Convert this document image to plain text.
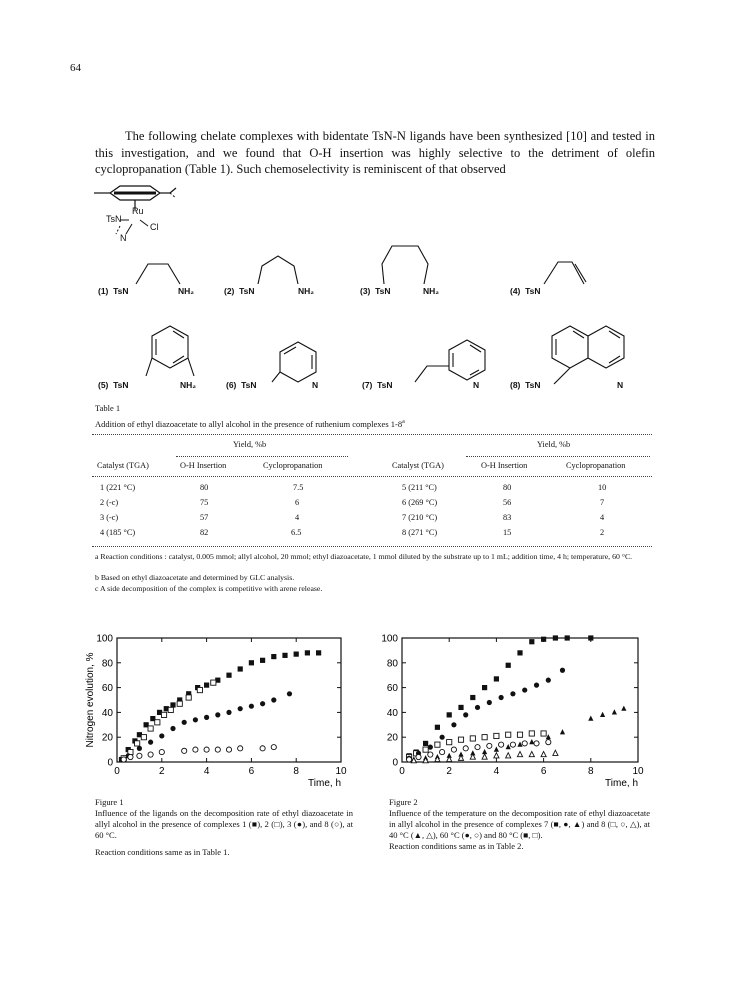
64

The following chelate complexes with bidentate TsN-N ligands have been synthesized [10] and tested in this investigation, and we found that O-H insertion was highly selective to the detriment of olefin cyclopropanation (Table 1). Such chemoselectivity is reminiscent of that observed

Ru
TsN
Cl
N
(1) TsN	NH₂	(2) TsN	NH₂	(3) TsN	NH₂	(4) TsN
(5) TsN	NH₂	(6) TsN	N	(7) TsN	N	(8) TsN	N
Table 1
Addition of ethyl diazoacetate to allyl alcohol in the presence of ruthenium complexes 1-8$^a$
Yield, %b	Yield, %b
Catalyst (TGA)	O-H Insertion	Cyclopropanation	Catalyst (TGA)	O-H Insertion	Cyclopropanation
1 (221 °C)	80	7.5	5 (211 °C)	80	10
2 (-c)	75	6	6 (269 °C)	56	7
3 (-c)	57	4	7 (210 °C)	83	4
4 (185 °C)	82	6.5	8 (271 °C)	15	2
a Reaction conditions : catalyst, 0.005 mmol; allyl alcohol, 20 mmol; ethyl diazoacetate, 1 mmol diluted by the substrate up to 1 mL; addition time, 4 h; temperature, 60 °C.
b Based on ethyl diazoacetate and determined by GLC analysis.
c A side decomposition of the complex is competitive with arene release.
0	2	4	6	8	10
0
20
40
60
80
100
Time, h
Nitrogen evolution, %
0	2	4	6	8	10
0
20
40
60
80
100
Time, h
Figure 1
Influence of the ligands on the decomposition rate of ethyl diazoacetate in allyl alcohol in the presence of complexes 1 (■), 2 (□), 3 (●), and 8 (○), at 60 °C.
Reaction conditions same as in Table 1.
Figure 2
Influence of the temperature on the decomposition rate of ethyl diazoacetate in allyl alcohol in the presence of complexes 7 (■, ●, ▲) and 8 (□, ○, △), at 40 °C (▲, △), 60 °C (●, ○) and 80 °C (■, □).
Reaction conditions same as in Table 2.
